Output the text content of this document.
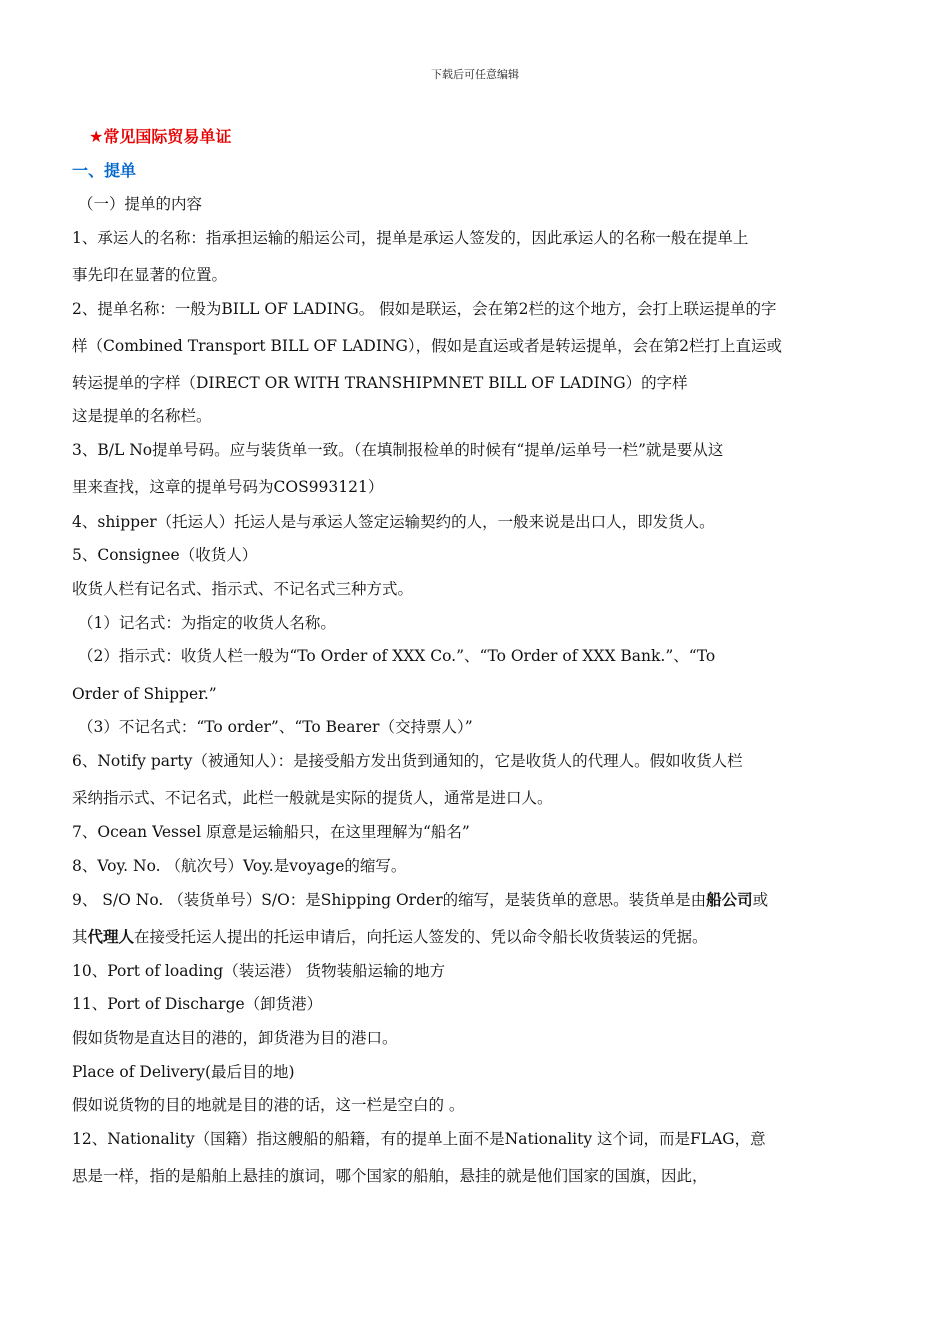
下载后可任意编辑
★常见国际贸易单证
一、提单
（一）提单的内容
1、承运人的名称：指承担运输的船运公司，提单是承运人签发的，因此承运人的名称一般在提单上
事先印在显著的位置。
2、提单名称：一般为BILL OF LADING。 假如是联运，会在第2栏的这个地方，会打上联运提单的字
样（Combined Transport BILL OF LADING），假如是直运或者是转运提单，会在第2栏打上直运或
转运提单的字样（DIRECT OR WITH TRANSHIPMNET BILL OF LADING）的字样
这是提单的名称栏。
3、B/L No提单号码。应与装货单一致。（在填制报检单的时候有“提单/运单号一栏”就是要从这
里来查找，这章的提单号码为COS993121）
4、shipper（托运人）托运人是与承运人签定运输契约的人，一般来说是出口人，即发货人。
5、Consignee（收货人）
收货人栏有记名式、指示式、不记名式三种方式。
（1）记名式：为指定的收货人名称。
（2）指示式：收货人栏一般为“To Order of XXX Co.”、“To Order of XXX Bank.”、“To
Order of Shipper.”
（3）不记名式：“To order”、“To Bearer（交持票人）”
6、Notify party（被通知人）：是接受船方发出货到通知的，它是收货人的代理人。假如收货人栏
采纳指示式、不记名式，此栏一般就是实际的提货人，通常是进口人。
7、Ocean Vessel 原意是运输船只，在这里理解为“船名”
8、Voy. No. （航次号）Voy.是voyage的缩写。
9、 S/O No. （装货单号）S/O：是Shipping Order的缩写，是装货单的意思。装货单是由船公司或
其代理人在接受托运人提出的托运申请后，向托运人签发的、凭以命令船长收货装运的凭据。
10、Port of loading（装运港） 货物装船运输的地方
11、Port of Discharge（卸货港）
假如货物是直达目的港的，卸货港为目的港口。
Place of Delivery(最后目的地)
假如说货物的目的地就是目的港的话，这一栏是空白的 。
12、Nationality（国籍）指这艘船的船籍，有的提单上面不是Nationality 这个词，而是FLAG，意
思是一样，指的是船舶上悬挂的旗词，哪个国家的船舶，悬挂的就是他们国家的国旗，因此，
